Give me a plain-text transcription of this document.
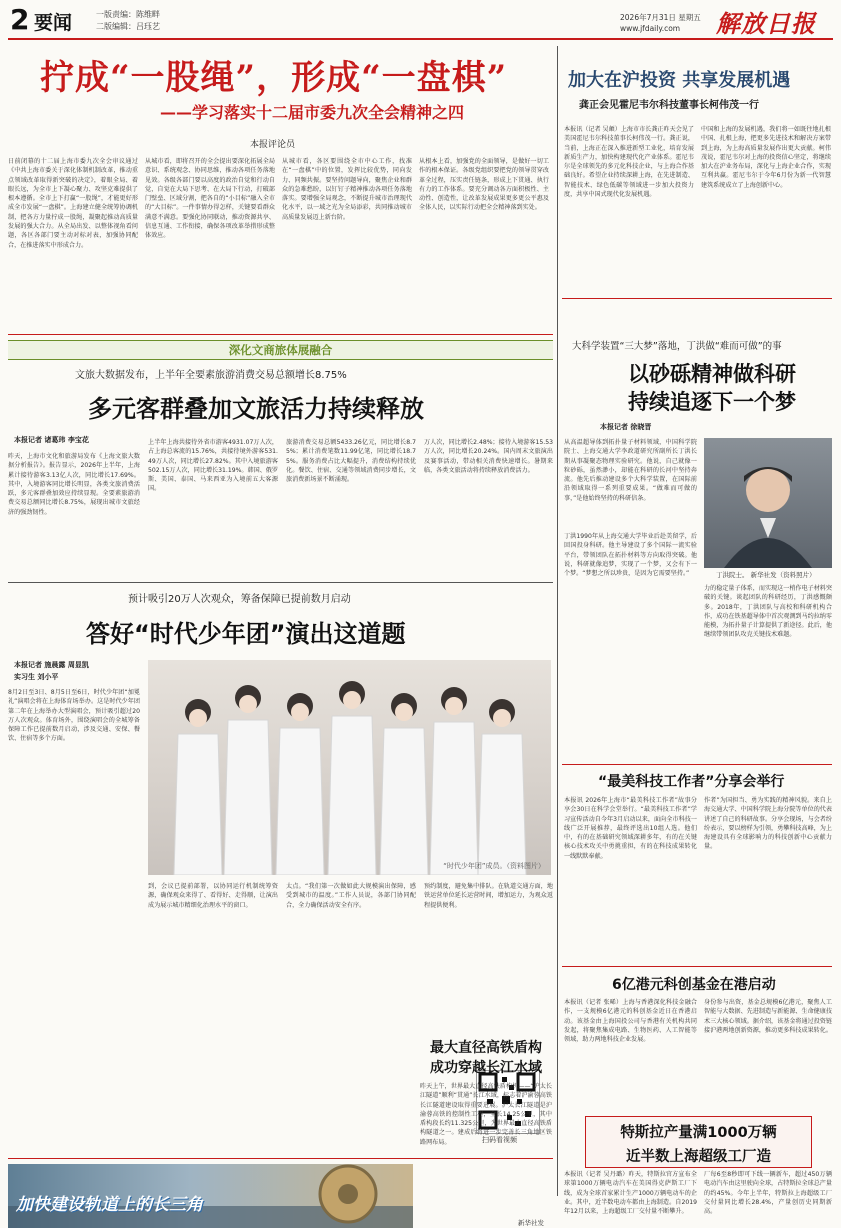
2 要闻	一版责编：陈维畔
二版编辑：吕珏艺
2026年7月31日 星期五
www.jfdaily.com 解放日报
拧成“一股绳”，形成“一盘棋”
——学习落实十二届市委九次全会精神之四
本报评论员
日前闭幕的十二届上海市委九次全会审议通过《中共上海市委关于深化体制机制改革，推动重点领域改革取得新突破的决定》，着眼全局、着眼长远，为全市上下凝心聚力、攻坚克难提供了根本遵循。全市上下打赢“一股绳”，才能更好形成全市发展“一盘棋”。上海建立健全统筹协调机制，把各方力量拧成一股绳，凝聚起推动高质量发展的强大合力。从全局出发、以整体视角看问题，各区各部门要主动对标对表，加强协同配合，在推进落实中形成合力。
从城市看，即将召开的全会提出要深化拓展全局意识、系统观念、协同思维，推动各项任务落地见效。各级各部门要以高度的政治自觉和行动自觉，自觉在大局下思考、在大局下行动，打破部门壁垒、区域分割，把各自的“小目标”融入全市的“大目标”。一件事情办得怎样，关键要看群众满意不满意。要强化协同联动，推动资源共享、信息互通、工作衔接，确保各项改革举措形成整体效应。
从城市看，各区要围绕全市中心工作，找准在“一盘棋”中的位置，发挥比较优势，同向发力、同频共振。要坚持问题导向，聚焦企业和群众的急难愁盼，以钉钉子精神推动各项任务落地落实。要增强全局观念，不断提升城市治理现代化水平，以一域之光为全局添彩，共同推动城市高质量发展迈上新台阶。
从根本上看，加强党的全面领导，是做好一切工作的根本保证。各级党组织要把党的领导贯穿改革全过程，压实责任链条，形成上下贯通、执行有力的工作体系。要充分调动各方面积极性、主动性、创造性，让改革发展成果更多更公平惠及全体人民，以实际行动把全会精神落到实处。
加大在沪投资 共享发展机遇
龚正会见霍尼韦尔科技董事长柯伟茂一行
本报讯（记者 吴頔）上海市市长龚正昨天会见了美国霍尼韦尔科技董事长柯伟茂一行。龚正说，当前，上海正在深入推进新型工业化，培育发展新质生产力，加快构建现代化产业体系。霍尼韦尔是全球领先的多元化科技企业，与上海合作基础良好。希望企业持续深耕上海，在先进制造、智能技术、绿色低碳等领域进一步加大投资力度，共享中国式现代化发展机遇。
中国和上海的发展机遇，我们将一如既往地扎根中国、扎根上海，把更多先进技术和解决方案带到上海，为上海高质量发展作出更大贡献。柯伟茂说，霍尼韦尔对上海的投资信心坚定，将继续加大在沪业务布局，深化与上海企业合作，实现互利共赢。霍尼韦尔于今年6月份为新一代智慧建筑系统成立了上海创新中心。
深化文商旅体展融合
文旅大数据发布，上半年全要素旅游消费交易总额增长8.75%
多元客群叠加文旅活力持续释放
本报记者 诸葛玮 李宝花
昨天，上海市文化和旅游局发布《上海文旅大数据分析报告》。报告显示，2026年上半年，上海累计接待游客3.13亿人次，同比增长17.69%。其中，入境游客同比增长明显，各类文旅消费活跃，多元客群叠加效应持续显现。全要素旅游消费交易总额同比增长8.75%，展现出城市文旅经济的强劲韧性。
上半年上海共接待外省市游客4931.07万人次，占上海总客流的15.76%，共接待境外游客531.49万人次，同比增长27.82%。其中入境旅游客502.15万人次，同比增长31.19%。韩国、俄罗斯、美国、泰国、马来西亚为入境前五大客源国。
旅游消费交易总额5433.26亿元，同比增长8.75%；累计消费笔数11.99亿笔，同比增长18.75%。服务消费占比大幅提升，消费结构持续优化。餐饮、住宿、交通等领域消费同步增长，文旅消费新场景不断涌现。
万人次，同比增长2.48%；接待入境游客15.53万人次，同比增长20.24%。国内周末文旅演出及赛事活动，带动相关消费快速增长。暑期来临，各类文旅活动将持续释放消费活力。
预计吸引20万人次观众，筹备保障已提前数月启动
答好“时代少年团”演出这道题
本报记者 施晨露 周显凯
实习生 刘小平
8月2日至3日、8月5日至6日，时代少年团“加冕礼”演唱会将在上海体育场举办。这是时代少年团第二年在上海举办大型演唱会，预计吸引超过20万人次观众。体育场外，围绕演唱会的全城筹备保障工作已提前数月启动，涉及交通、安保、餐饮、住宿等多个方面。
“时代少年团”成员。（资料图片）
到，会议已提前部署，以协同运行机制统筹资源，确保观众来得了、看得好、走得顺，让演出成为展示城市精细化治理水平的窗口。
太点。“我们第一次做如此大规模演出保障，感受到城市的温度。”工作人员说，各部门协同配合，全力确保活动安全有序。
预约制度，避免集中排队。在轨道交通方面，地铁运营单位延长运营时间，增加运力，为观众返程提供便利。
扫码看视频
大科学装置“三大梦”落地，丁洪做“难而可做”的事
以砂砾精神做科研
持续追逐下一个梦
本报记者 徐晓晋
从高温超导体到拓扑量子材料领域，中国科学院院士、上海交通大学李政道研究所副所长丁洪长期从事凝聚态物理实验研究。他说，自己就像一粒砂砾，虽然渺小，却能在科研的长河中坚持奔流。他先后推动建设多个大科学装置，在国际前沿领域取得一系列重要成果。“做难而可做的事，”是他始终坚持的科研信条。
丁洪院士。 新华社发（资料照片）
丁洪1990年从上海交通大学毕业后赴美留学，后回国投身科研。他主导建设了多个国际一流实验平台，带领团队在拓扑材料等方向取得突破。他说，科研就像追梦，实现了一个梦，又会有下一个梦。“梦想之所以珍贵，是因为它需要坚持。”
力的稳定量子体系，而实现这一梢作电子材料突破的关键。谈起团队的科研经历，丁洪感慨颇多。2018年，丁洪团队与高校和科研机构合作，成功在铁基超导体中首次观测到马约拉纳零能模，为拓扑量子计算提供了新途径。此后，他继续带领团队攻克关键技术难题。
“最美科技工作者”分享会举行
本报讯 2026年上海市“最美科技工作者”故事分享会30日在科学会堂举行。“最美科技工作者”学习宣传活动自今年3月启动以来，面向全市科技一线广泛开展推荐，最终评选出10组人选。他们中，有的在基础研究领域深耕多年，有的在关键核心技术攻关中勇挑重担，有的在科技成果转化一线默默奉献。
作者”为国担当、勇为实践的精神风貌。来自上海交通大学、中国科学院上海分院等单位的代表讲述了自己的科研故事。分享会现场，与会者纷纷表示，要以榜样为引领，勇攀科技高峰，为上海建设具有全球影响力的科技创新中心贡献力量。
6亿港元科创基金在港启动
本报讯（记者 张晞）上海与香港深化科技金融合作，一支规模6亿港元的科创基金近日在香港启动。该基金由上海国投公司与香港有关机构共同发起，将聚焦集成电路、生物医药、人工智能等领域，助力两地科技企业发展。
身份参与出资，基金总规模6亿港元，聚焦人工智能与大数据、先进制造与新能源、生命健康技术三大核心领域。据介绍，该基金将通过投资链接沪港两地创新资源，推动更多科技成果转化。
加快建设轨道上的长三角
最大直径高铁盾构
成功穿越长江水域
昨天上午，世界最大直径高铁盾构机——“沪太长江隧道”顺利“贯通”长江水域，标志着沪渝蓉高铁长江隧道建设取得重要进展。沪太长江隧道是沪渝蓉高铁的控制性工程，全长14.25公里，其中盾构段长约11.325公里，为世界最大直径高铁盾构隧道之一。建成后将进一步完善长三角地区铁路网布局。
新华社发
特斯拉产量满1000万辆
近半数上海超级工厂造
本报讯（记者 吴丹璐）昨天，特斯拉官方宣布全球第1000万辆电动汽车在美国得克萨斯工厂下线，成为全球首家累计生产1000万辆电动车的企业。其中，近半数电动车都由上海制造。自2019年12月以来，上海超级工厂交付量不断攀升。
厂每6至8秒即可下线一辆新车，超过450万辆电动汽车由这里驶向全球，占特斯拉全球总产量的约45%。今年上半年，特斯拉上海超级工厂交付量同比增长28.4%，产量创历史同期新高。
